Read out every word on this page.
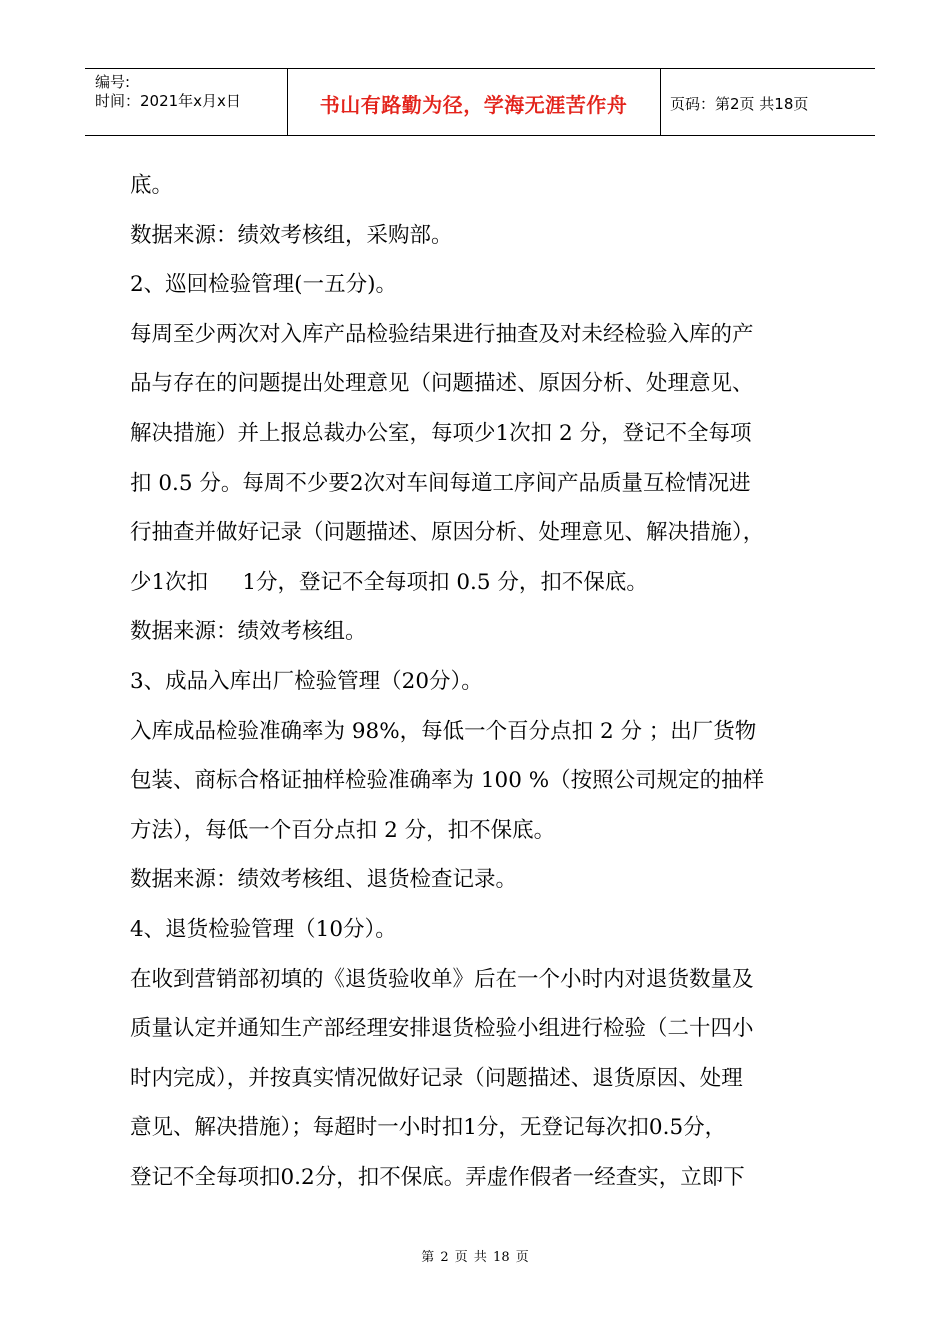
编号:
时间：2021年x月x日	书山有路勤为径，学海无涯苦作舟	页码：第2页 共18页

底。

数据来源：绩效考核组，采购部。

2、巡回检验管理(一五分)。

每周至少两次对入库产品检验结果进行抽查及对未经检验入库的产

品与存在的问题提出处理意见（问题描述、原因分析、处理意见、

解决措施）并上报总裁办公室，每项少1次扣 2 分，登记不全每项

扣 0.5 分。每周不少要2次对车间每道工序间产品质量互检情况进

行抽查并做好记录（问题描述、原因分析、处理意见、解决措施），

少1次扣     1分，登记不全每项扣 0.5 分，扣不保底。

数据来源：绩效考核组。

3、成品入库出厂检验管理（20分）。

入库成品检验准确率为 98%，每低一个百分点扣 2 分 ；出厂货物

包装、商标合格证抽样检验准确率为 100 %（按照公司规定的抽样

方法），每低一个百分点扣 2 分，扣不保底。

数据来源：绩效考核组、退货检查记录。

4、退货检验管理（10分）。

在收到营销部初填的《退货验收单》后在一个小时内对退货数量及

质量认定并通知生产部经理安排退货检验小组进行检验（二十四小

时内完成），并按真实情况做好记录（问题描述、退货原因、处理

意见、解决措施）；每超时一小时扣1分，无登记每次扣0.5分，

登记不全每项扣0.2分，扣不保底。弄虚作假者一经查实，立即下

第 2 页 共 18 页
